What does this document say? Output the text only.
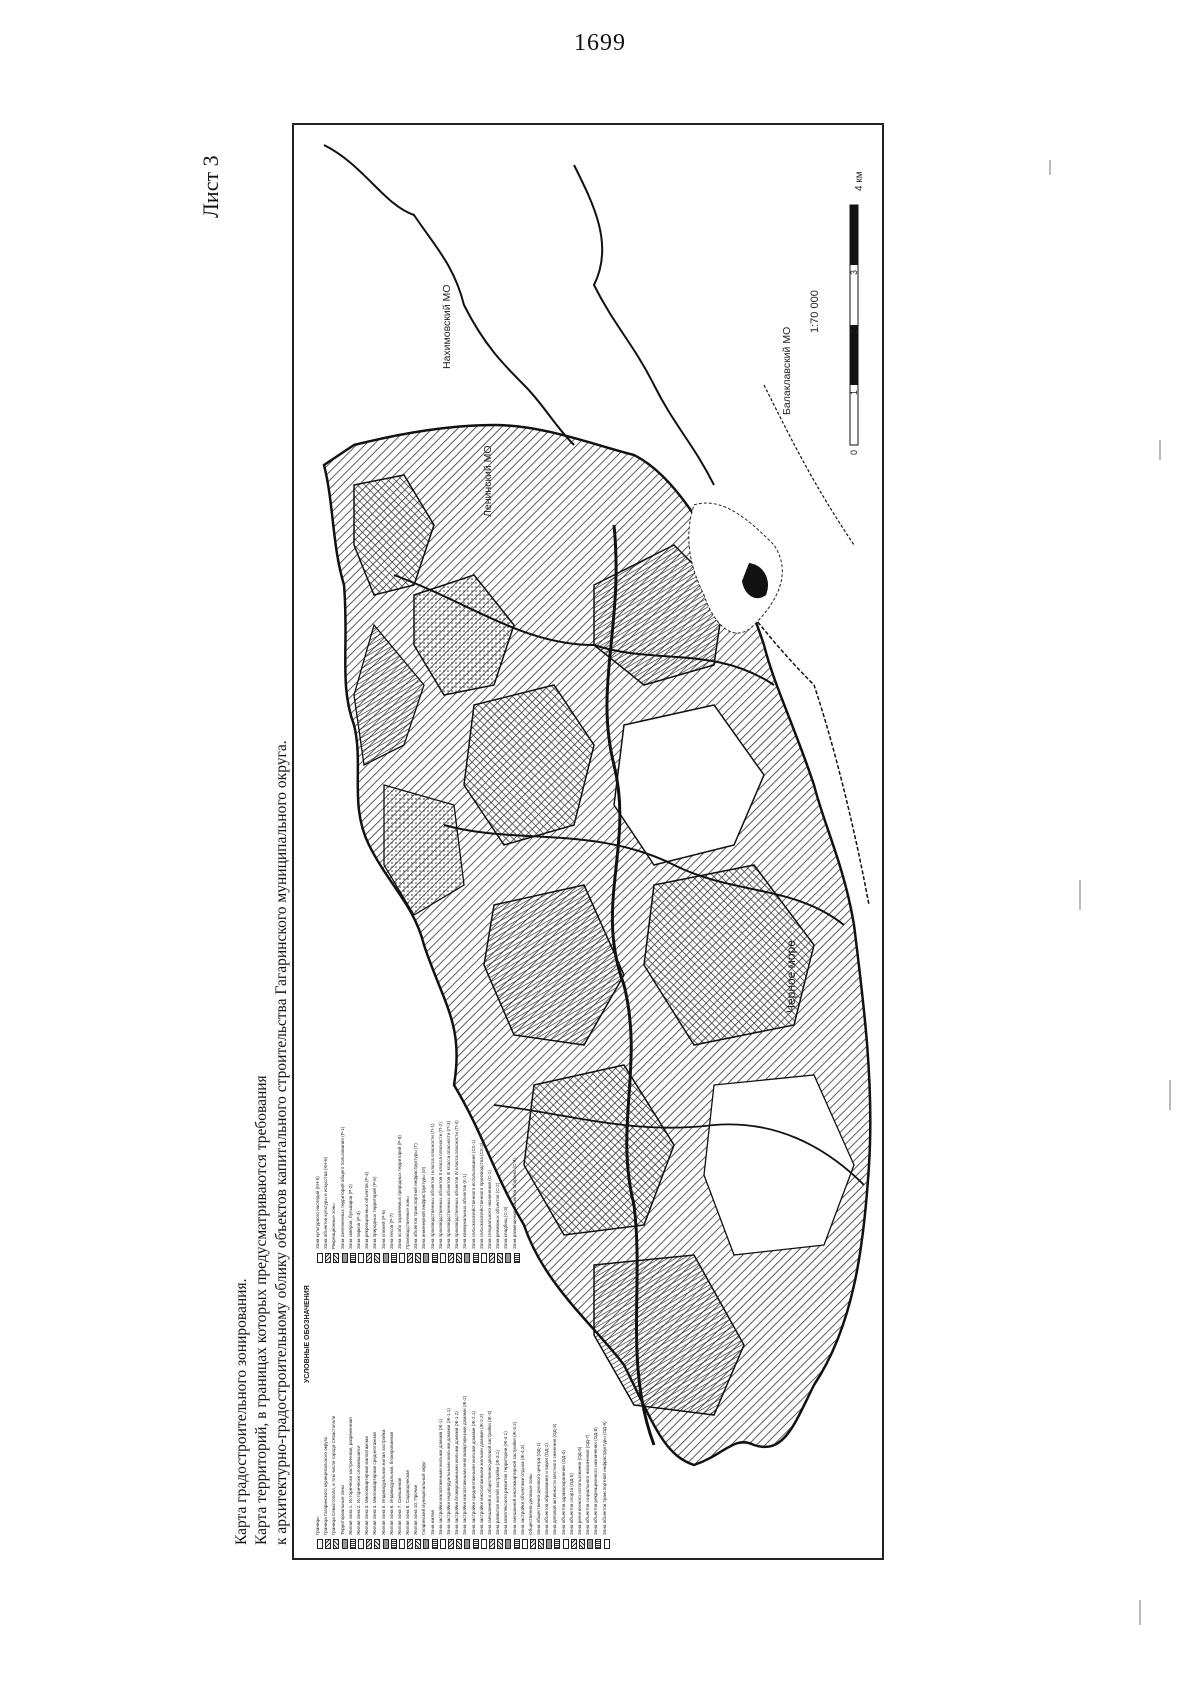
1699
Лист 3
Карта градостроительного зонирования. Карта территорий, в границах которых предусматриваются требования к архитектурно-градостроительному облику объектов капитального строительства Гагаринского муниципального округа. УСЛОВНЫЕ ОБОЗНАЧЕНИЯ
Границы Граница Гагаринского муниципального округа Граница Севастополя, в том числе города Севастополя Территориальные зоны Жилая зона 1. Исторически застроенная, разреженная Жилая зона 2. Исторически сложившаяся Жилая зона 3. Многоквартирная малоэтажная Жилая зона 4. Многоквартирная среднеэтажная Жилая зона 5. Индивидуальная жилая застройка Жилая зона 6. Индивидуальная, блокированная Жилая зона 7. Смешанная Жилая зона 8. Садоводческая Жилая зона 10. Прочая Гагаринский муниципальный округ Зона жилая Зона застройки малоэтажными жилыми домами (Ж-1) Зона застройки индивидуальными жилыми домами (Ж-1.1) Зона застройки блокированными жилыми домами (Ж-1.2) Зона застройки малоэтажными многоквартирными домами (Ж-2) Зона застройки среднеэтажными жилыми домами (Ж-2.1) Зона застройки многоэтажными жилыми домами (Ж-2.2) Зона смешанной и общественно-деловой застройки (Ж-3) Зона развития жилой застройки (Ж-3.1) Зона комплексного развития территории (Ж-4.1) Зона смешанной многоквартирной застройки (Ж-4.2) Зона застройки объектами отдыха (Ж-4.3) Общественно-деловые зоны Зона общественно-делового центра (ОД-1) Зона объектов образования и науки (ОД-2) Зона деловой активности местного значения (ОД-3) Зона объектов здравоохранения (ОД-4) Зона объектов спорта (ОД-5) Зона религиозного использования (ОД-6) Зона объектов социального назначения (ОД-7) Зона объектов рекреационного назначения (ОД-8) Зона объектов транспортной инфраструктуры (ОД-9)
Зона культурного наследия (КН-5) Зона объектов культуры и искусства (КН-6) Рекреационные зоны Зона озелененных территорий общего пользования (Р-1) Зона скверов, бульваров (Р-2) Зона парков (Р-3) Зона рекреационных объектов (Р-4) Зона природных территорий (Р-5) Зона пляжей (Р-6) Зона лесов (Р-7) Зона особо охраняемых природных территорий (Р-8) Производственные зоны Зона объектов транспортной инфраструктуры (Т) Зона инженерной инфраструктуры (И) Зона производственных объектов I класса опасности (П-1) Зона производственных объектов II класса опасности (П-2) Зона производственных объектов III класса опасности (П-3) Зона производственных объектов IV класса опасности (П-4) Зона коммунальных объектов (К-1) Зона сельскохозяйственного использования (СХ-1) Зона сельскохозяйственного производства (СХ-2) Зона специального назначения (С-1) Зона режимных объектов (С-2) Зона кладбищ (С-3) Зона размещения объектов обороны (С-4)
Черное море
Ленинский МО
Нахимовский МО	Балаклавский МО
1:70 000
4 км
0
1
2
3
